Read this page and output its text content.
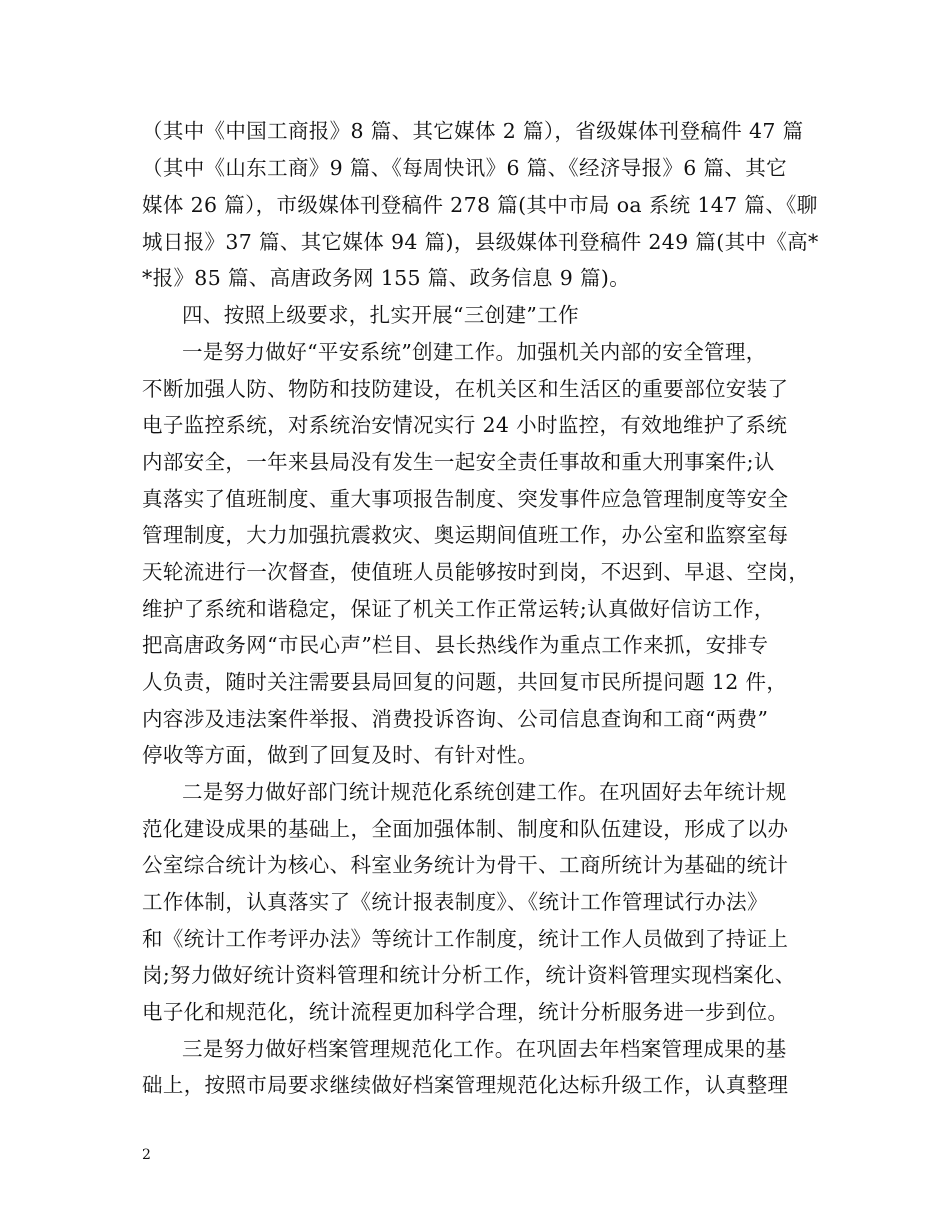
（其中《中国工商报》8 篇、其它媒体 2 篇），省级媒体刊登稿件 47 篇
（其中《山东工商》9 篇、《每周快讯》6 篇、《经济导报》6 篇、其它
媒体 26 篇），市级媒体刊登稿件 278 篇(其中市局 oa 系统 147 篇、《聊
城日报》37 篇、其它媒体 94 篇)，县级媒体刊登稿件 249 篇(其中《高*
*报》85 篇、高唐政务网 155 篇、政务信息 9 篇)。
四、按照上级要求，扎实开展“三创建”工作
一是努力做好“平安系统”创建工作。加强机关内部的安全管理，
不断加强人防、物防和技防建设，在机关区和生活区的重要部位安装了
电子监控系统，对系统治安情况实行 24 小时监控，有效地维护了系统
内部安全，一年来县局没有发生一起安全责任事故和重大刑事案件;认
真落实了值班制度、重大事项报告制度、突发事件应急管理制度等安全
管理制度，大力加强抗震救灾、奥运期间值班工作，办公室和监察室每
天轮流进行一次督查，使值班人员能够按时到岗，不迟到、早退、空岗，
维护了系统和谐稳定，保证了机关工作正常运转;认真做好信访工作，
把高唐政务网“市民心声”栏目、县长热线作为重点工作来抓，安排专
人负责，随时关注需要县局回复的问题，共回复市民所提问题 12 件，
内容涉及违法案件举报、消费投诉咨询、公司信息查询和工商“两费”
停收等方面，做到了回复及时、有针对性。
二是努力做好部门统计规范化系统创建工作。在巩固好去年统计规
范化建设成果的基础上，全面加强体制、制度和队伍建设，形成了以办
公室综合统计为核心、科室业务统计为骨干、工商所统计为基础的统计
工作体制，认真落实了《统计报表制度》、《统计工作管理试行办法》
和《统计工作考评办法》等统计工作制度，统计工作人员做到了持证上
岗;努力做好统计资料管理和统计分析工作，统计资料管理实现档案化、
电子化和规范化，统计流程更加科学合理，统计分析服务进一步到位。
三是努力做好档案管理规范化工作。在巩固去年档案管理成果的基
础上，按照市局要求继续做好档案管理规范化达标升级工作，认真整理
2
